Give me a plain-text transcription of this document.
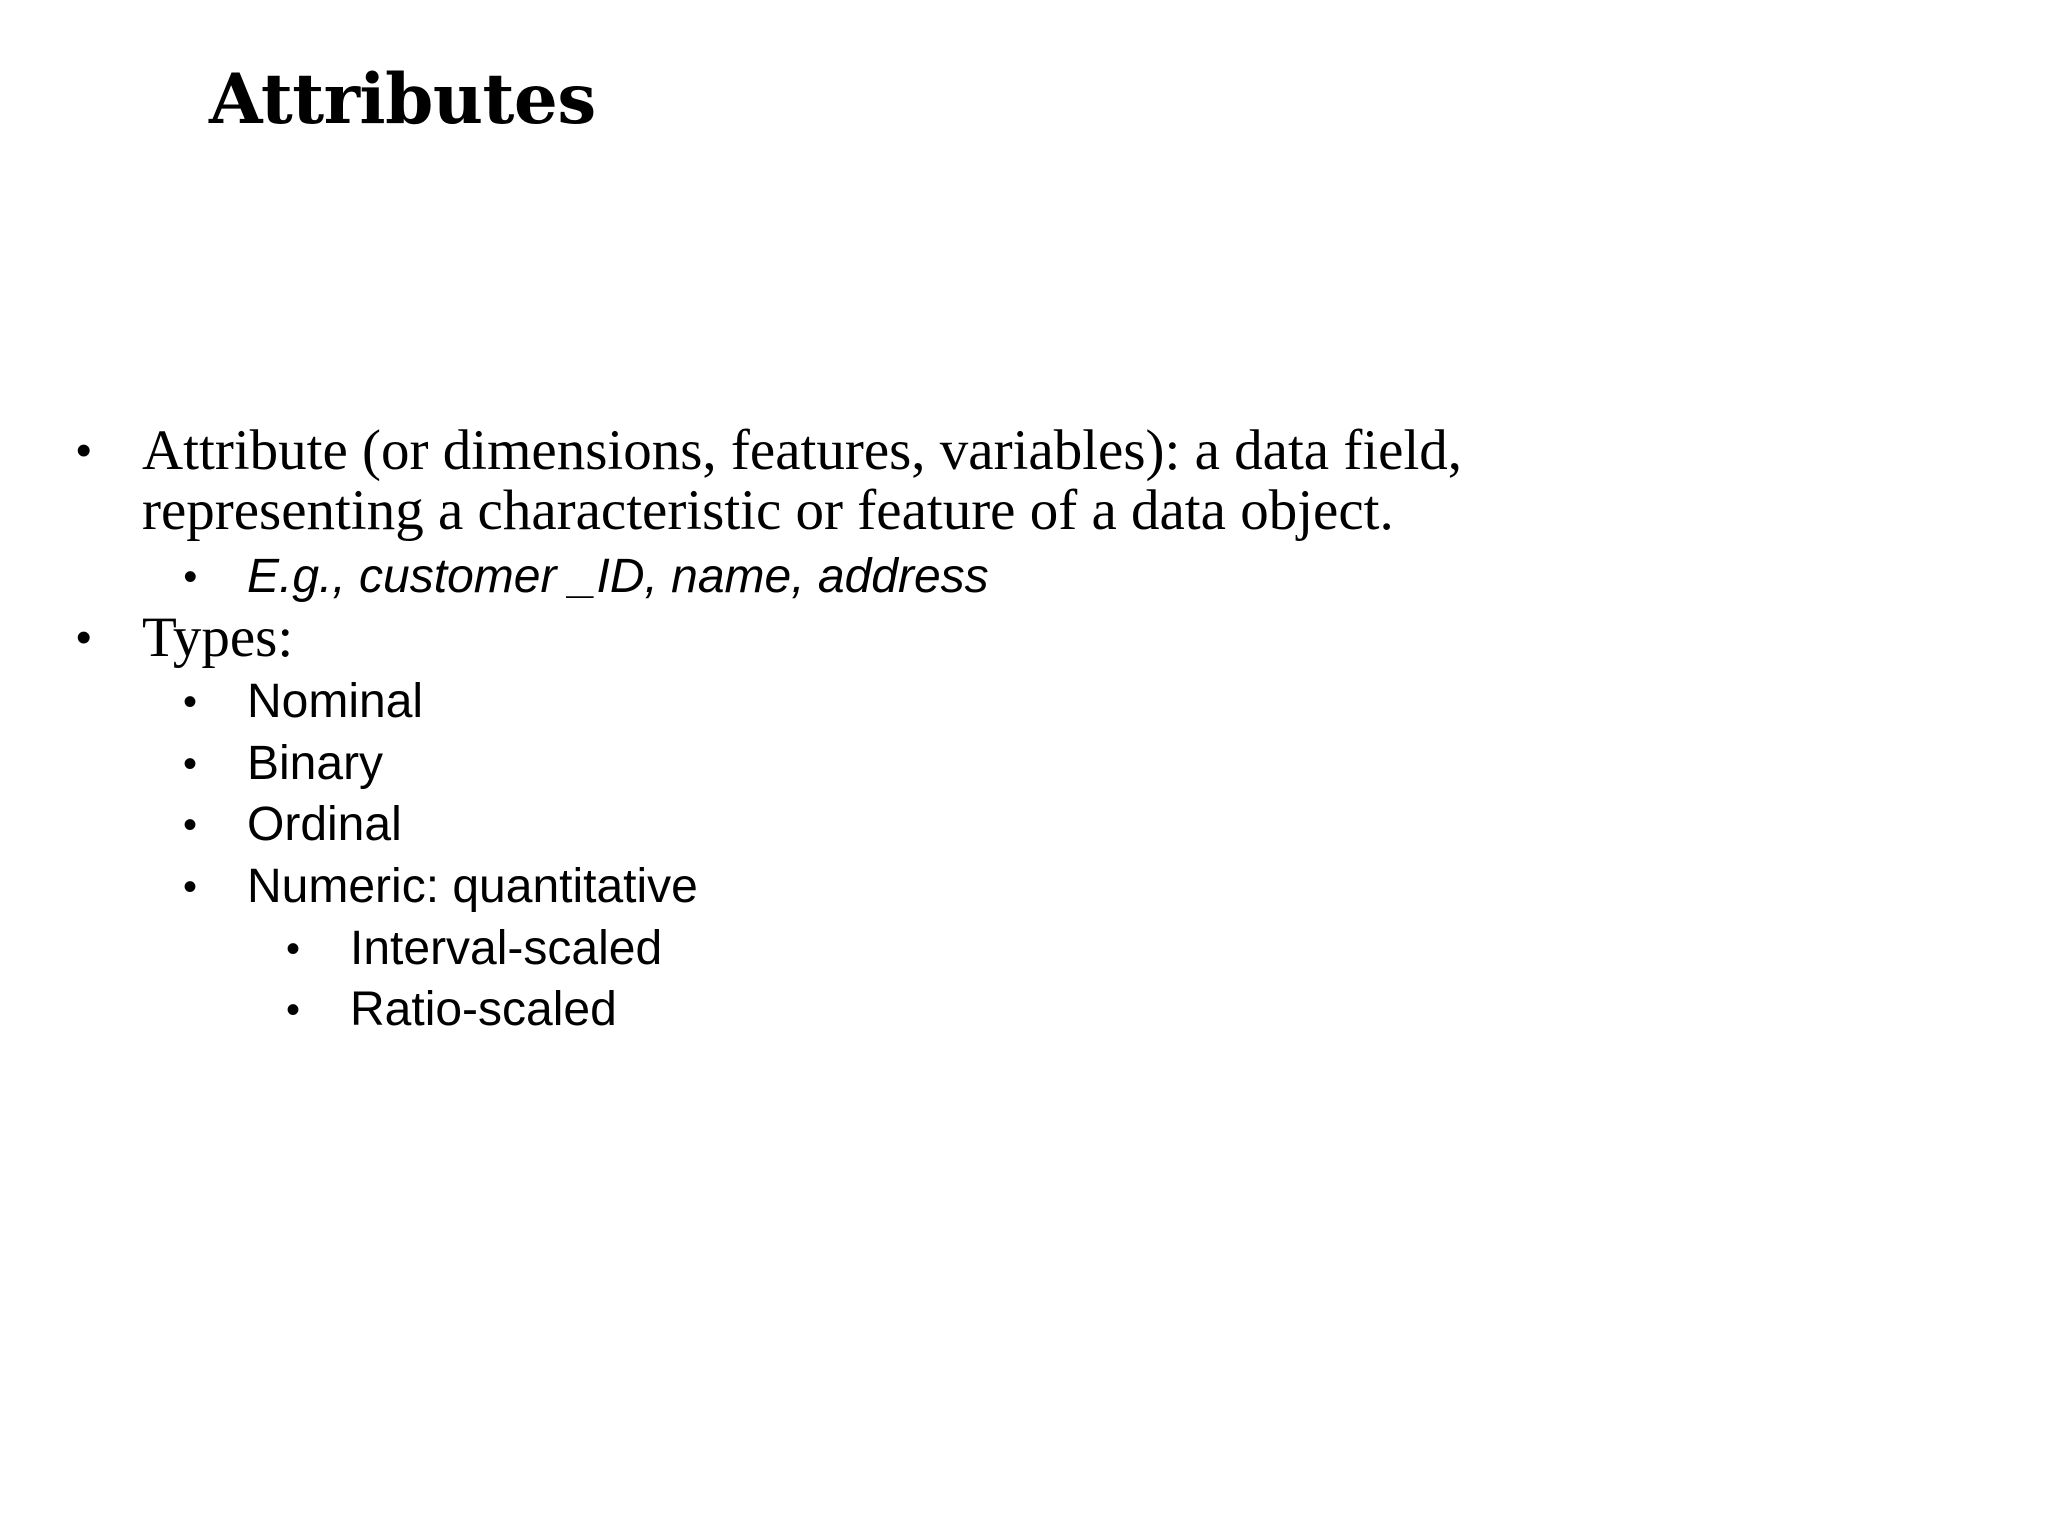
Attributes
• Attribute (or dimensions, features, variables): a data field,
representing a characteristic or feature of a data object.
• E.g., customer _ID, name, address
• Types:
• Nominal
• Binary
• Ordinal
• Numeric: quantitative
• Interval-scaled
• Ratio-scaled
